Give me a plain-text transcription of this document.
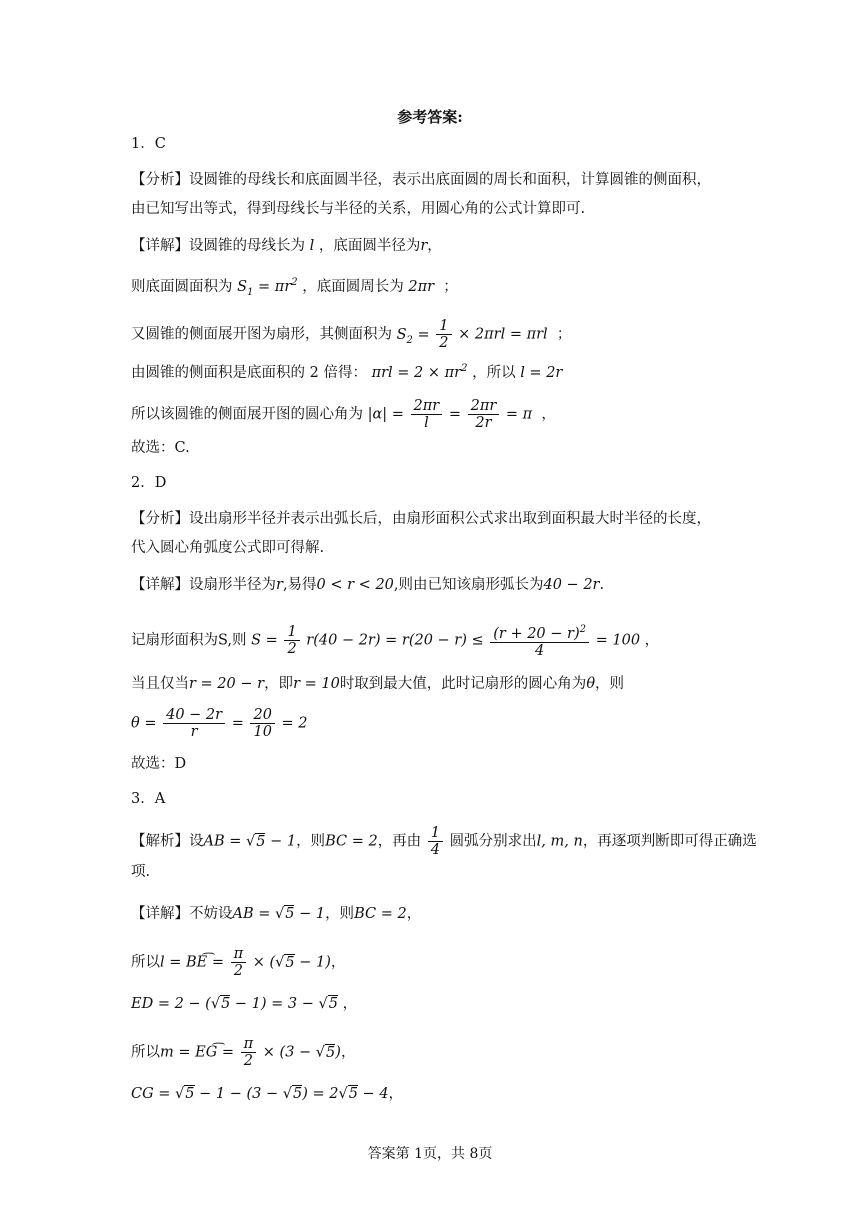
参考答案:
1．C
【分析】设圆锥的母线长和底面圆半径，表示出底面圆的周长和面积，计算圆锥的侧面积，
由已知写出等式，得到母线长与半径的关系，用圆心角的公式计算即可.
【详解】设圆锥的母线长为 l ，底面圆半径为r，
则底面圆面积为 $S_1 = \pi r^2$ ，底面圆周长为 2πr  ；
又圆锥的侧面展开图为扇形，其侧面积为 $S_2 = \frac{1}{2} \times 2\pi rl = \pi rl$  ；
由圆锥的侧面积是底面积的 2 倍得： $\pi rl = 2 \times \pi r^2$ ，所以 l = 2r
所以该圆锥的侧面展开图的圆心角为 $|\alpha| = \frac{2\pi r}{l} = \frac{2\pi r}{2r} = \pi$  ，
故选：C.
2．D
【分析】设出扇形半径并表示出弧长后，由扇形面积公式求出取到面积最大时半径的长度，
代入圆心角弧度公式即可得解.
【详解】设扇形半径为r,易得0 < r < 20,则由已知该扇形弧长为40 − 2r.
记扇形面积为S,则 $S = \frac{1}{2} r(40 - 2r) = r(20 - r) \le \frac{(r + 20 - r)^2}{4} = 100$ ，
当且仅当r = 20 − r，即r = 10时取到最大值，此时记扇形的圆心角为θ，则
$\theta = \frac{40 - 2r}{r} = \frac{20}{10} = 2$
故选：D
3．A
【解析】设AB = √5 − 1，则BC = 2，再由 $\frac{1}{4}$ 圆弧分别求出l, m, n，再逐项判断即可得正确选
项.
【详解】不妨设AB = √5 − 1，则BC = 2，
所以l = BE͡ = $\frac{\pi}{2} \times (√5 - 1)$，
ED = 2 − (√5 − 1) = 3 − √5 ，
所以m = EG͡ = $\frac{\pi}{2} \times (3 - √5)$，
CG = √5 − 1 − (3 − √5) = 2√5 − 4，
答案第 1页，共 8页
